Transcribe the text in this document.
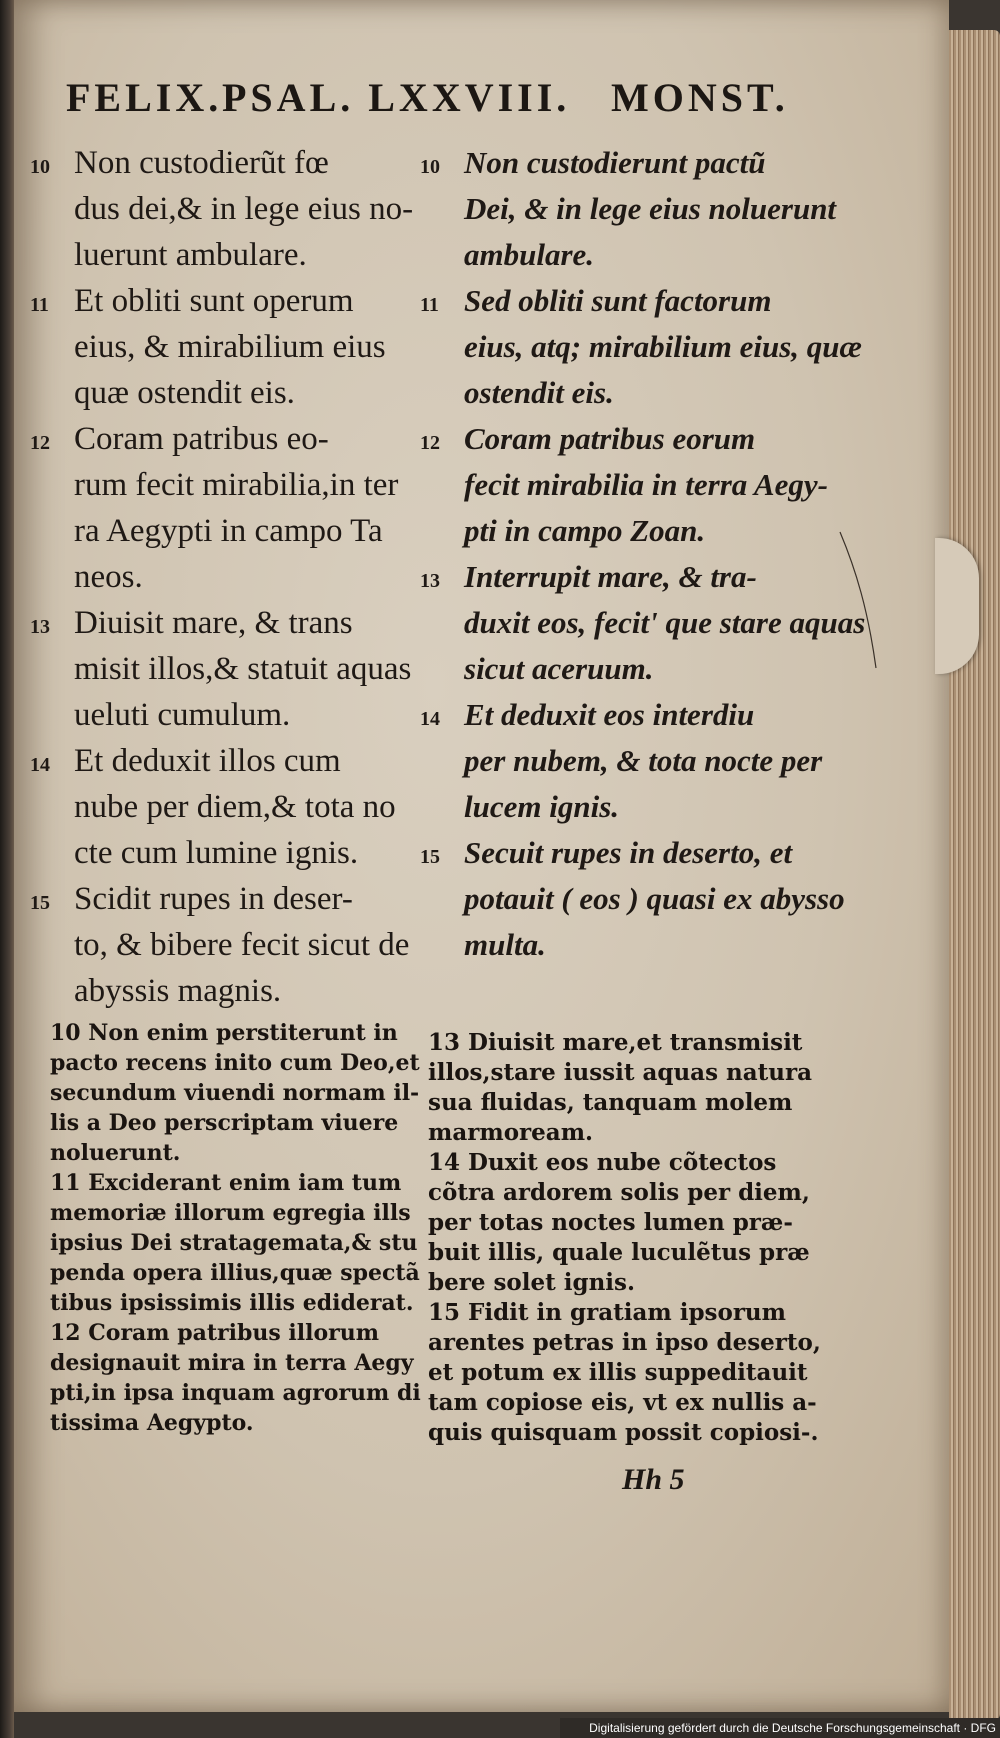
FELIX. PSAL. LXXVIII. MONST.
10 Non custodierũt fœ
dus dei,& in lege eius no-
luerunt ambulare.
11 Et obliti sunt operum
eius, & mirabilium eius
quæ ostendit eis.
12 Coram patribus eo-
rum fecit mirabilia,in ter
ra Aegypti in campo Ta
neos.
13 Diuisit mare, & trans
misit illos,& statuit aquas
ueluti cumulum.
14 Et deduxit illos cum
nube per diem,& tota no
cte cum lumine ignis.
15 Scidit rupes in deser-
to, & bibere fecit sicut de
abyssis magnis.
10 Non custodierunt pactũ
Dei, & in lege eius noluerunt
ambulare.
11 Sed obliti sunt factorum
eius, atq; mirabilium eius, quæ
ostendit eis.
12 Coram patribus eorum
fecit mirabilia in terra Aegy-
pti in campo Zoan.
13 Interrupit mare, & tra-
duxit eos, fecit' que stare aquas
sicut aceruum.
14 Et deduxit eos interdiu
per nubem, & tota nocte per
lucem ignis.
15 Secuit rupes in deserto, et
potauit ( eos ) quasi ex abysso
multa.
10 Non enim perstiterunt in
pacto recens inito cum Deo,et
secundum viuendi normam il-
lis a Deo perscriptam viuere
noluerunt.
11 Exciderant enim iam tum
memoriæ illorum egregia ills
ipsius Dei stratagemata,& stu
penda opera illius,quæ spectã
tibus ipsissimis illis ediderat.
12 Coram patribus illorum
designauit mira in terra Aegy
pti,in ipsa inquam agrorum di
tissima Aegypto.
13 Diuisit mare,et transmisit
illos,stare iussit aquas natura
sua fluidas, tanquam molem
marmoream.
14 Duxit eos nube cõtectos
cõtra ardorem solis per diem,
per totas noctes lumen præ-
buit illis, quale luculẽtus præ
bere solet ignis.
15 Fidit in gratiam ipsorum
arentes petras in ipso deserto,
et potum ex illis suppeditauit
tam copiose eis, vt ex nullis a-
quis quisquam possit copiosi-.
Hh 5
Digitalisierung gefördert durch die Deutsche Forschungsgemeinschaft · DFG
